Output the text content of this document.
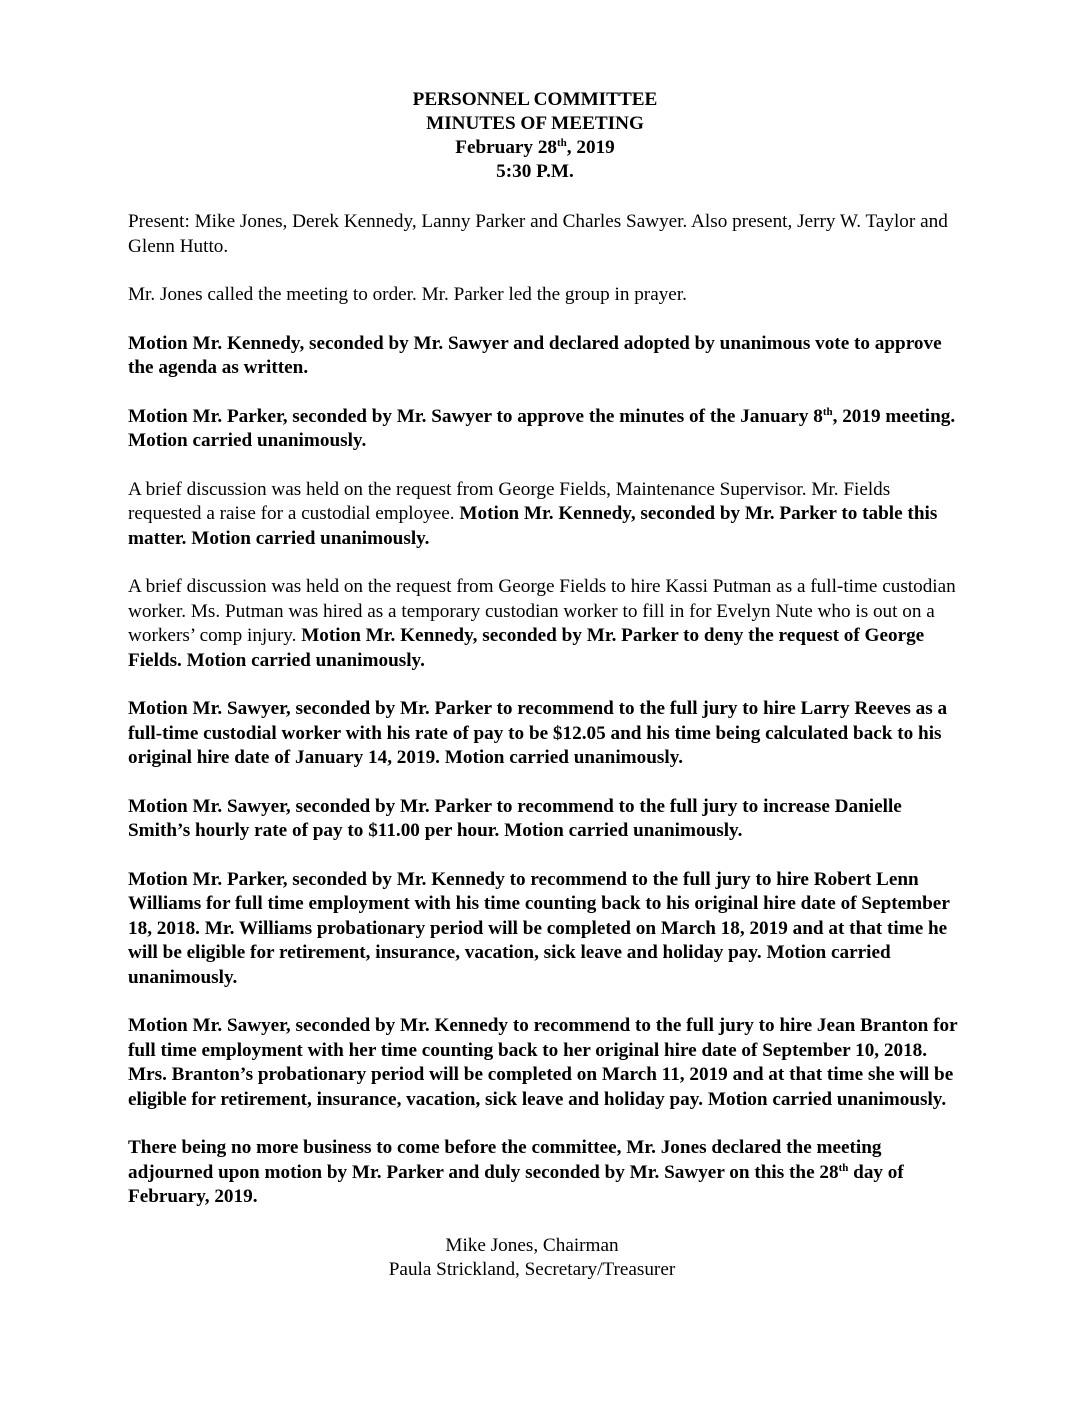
PERSONNEL COMMITTEE
MINUTES OF MEETING
February 28th, 2019
5:30 P.M.

Present: Mike Jones, Derek Kennedy, Lanny Parker and Charles Sawyer. Also present, Jerry W. Taylor and Glenn Hutto.

Mr. Jones called the meeting to order. Mr. Parker led the group in prayer.

Motion Mr. Kennedy, seconded by Mr. Sawyer and declared adopted by unanimous vote to approve the agenda as written.

Motion Mr. Parker, seconded by Mr. Sawyer to approve the minutes of the January 8th, 2019 meeting. Motion carried unanimously.

A brief discussion was held on the request from George Fields, Maintenance Supervisor. Mr. Fields requested a raise for a custodial employee. Motion Mr. Kennedy, seconded by Mr. Parker to table this matter. Motion carried unanimously.

A brief discussion was held on the request from George Fields to hire Kassi Putman as a full-time custodian worker. Ms. Putman was hired as a temporary custodian worker to fill in for Evelyn Nute who is out on a workers’ comp injury. Motion Mr. Kennedy, seconded by Mr. Parker to deny the request of George Fields. Motion carried unanimously.

Motion Mr. Sawyer, seconded by Mr. Parker to recommend to the full jury to hire Larry Reeves as a full-time custodial worker with his rate of pay to be $12.05 and his time being calculated back to his original hire date of January 14, 2019. Motion carried unanimously.

Motion Mr. Sawyer, seconded by Mr. Parker to recommend to the full jury to increase Danielle Smith’s hourly rate of pay to $11.00 per hour. Motion carried unanimously.

Motion Mr. Parker, seconded by Mr. Kennedy to recommend to the full jury to hire Robert Lenn Williams for full time employment with his time counting back to his original hire date of September 18, 2018. Mr. Williams probationary period will be completed on March 18, 2019 and at that time he will be eligible for retirement, insurance, vacation, sick leave and holiday pay. Motion carried unanimously.

Motion Mr. Sawyer, seconded by Mr. Kennedy to recommend to the full jury to hire Jean Branton for full time employment with her time counting back to her original hire date of September 10, 2018. Mrs. Branton’s probationary period will be completed on March 11, 2019 and at that time she will be eligible for retirement, insurance, vacation, sick leave and holiday pay. Motion carried unanimously.

There being no more business to come before the committee, Mr. Jones declared the meeting adjourned upon motion by Mr. Parker and duly seconded by Mr. Sawyer on this the 28th day of February, 2019.

Mike Jones, Chairman
Paula Strickland, Secretary/Treasurer
